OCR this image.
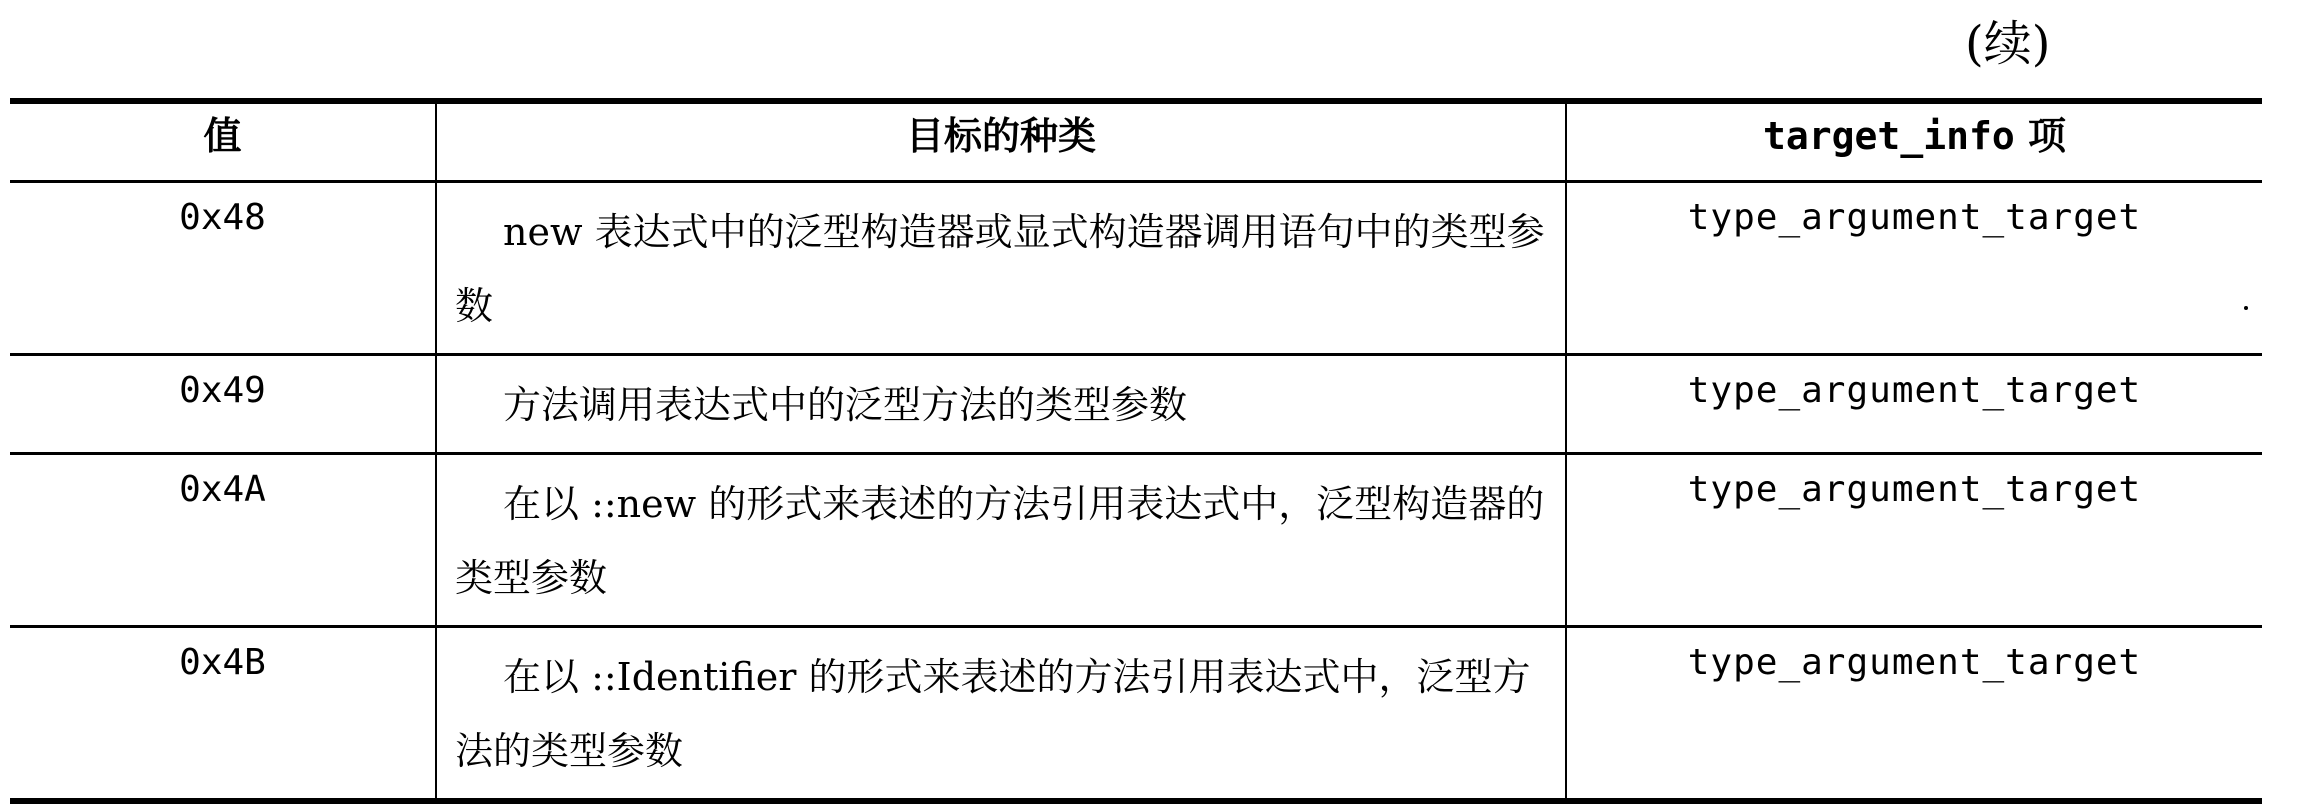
(续)
值	目标的种类	target_info 项
0x48	new 表达式中的泛型构造器或显式构造器调用语句中的类型参数	type_argument_target
0x49	方法调用表达式中的泛型方法的类型参数	type_argument_target
0x4A	在以 ::new 的形式来表述的方法引用表达式中，泛型构造器的类型参数	type_argument_target
0x4B	在以 ::Identifier 的形式来表述的方法引用表达式中，泛型方法的类型参数	type_argument_target
